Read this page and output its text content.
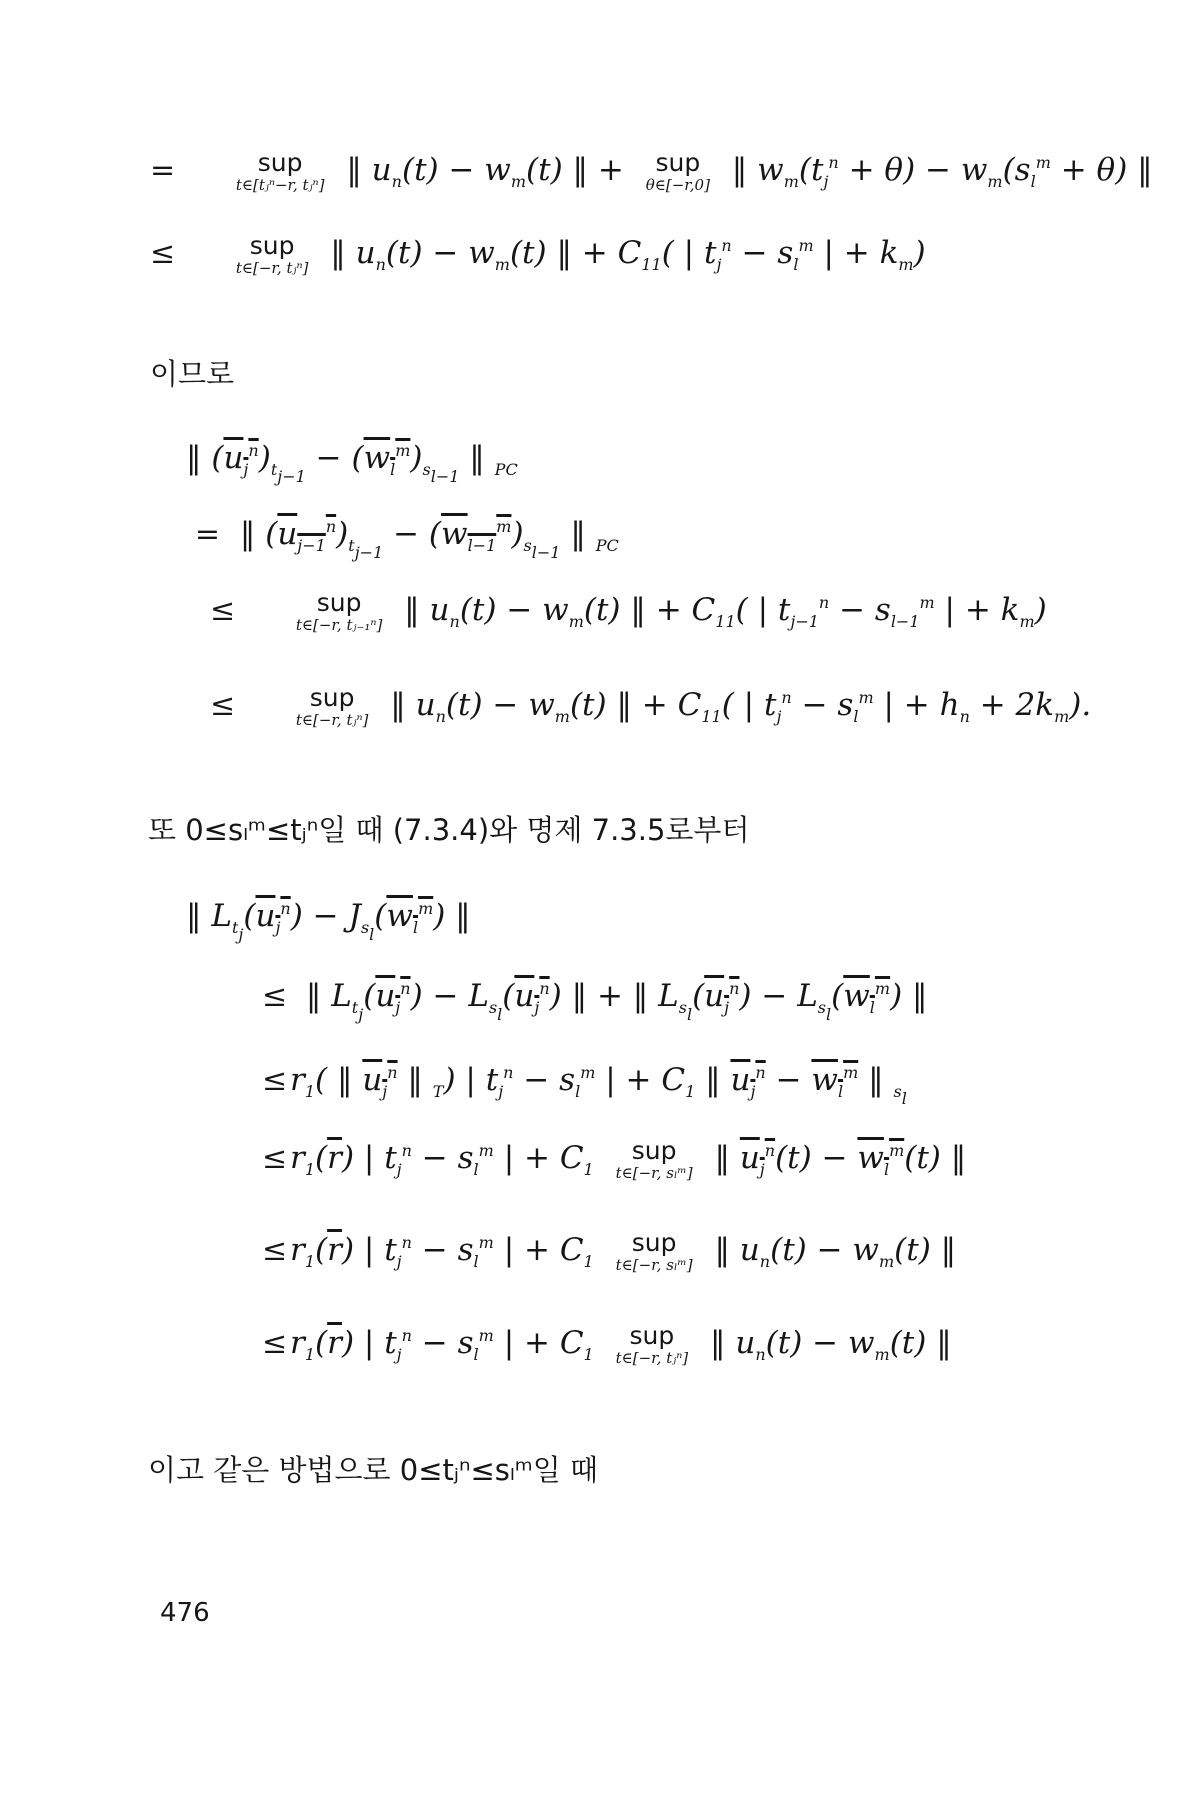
=	sup
t∈[tⱼⁿ−r, tⱼⁿ] ‖ $u_n(t) - w_m(t)$ ‖ + sup
θ∈[−r,0] ‖ $w_m(t_j^n + \theta) - w_m(s_l^m + \theta)$ ‖
≤	sup
t∈[−r, tⱼⁿ] ‖ $u_n(t) - w_m(t)$ ‖ + $C_{11}$( | $t_j^n - s_l^m$ | + $k_m$)
이므로
‖ $(u_j^n)_{t_{j-1}} - (w_l^m)_{s_{l-1}}$ ‖ $_{PC}$
= ‖ $(u_{j-1}^n)_{t_{j-1}} - (w_{l-1}^m)_{s_{l-1}}$ ‖ $_{PC}$
≤	sup
t∈[−r, tⱼ₋₁ⁿ] ‖ $u_n(t) - w_m(t)$ ‖ + $C_{11}$( | $t_{j-1}^n - s_{l-1}^m$ | + $k_m$)
≤	sup
t∈[−r, tⱼⁿ] ‖ $u_n(t) - w_m(t)$ ‖ + $C_{11}$( | $t_j^n - s_l^m$ | + $h_n + 2k_m$).
또 0≤sₗᵐ≤tⱼⁿ일 때 (7.3.4)와 명제 7.3.5로부터
‖ $L_{t_j}(u_j^n) - J_{s_l}(w_l^m)$ ‖
≤ ‖ $L_{t_j}(u_j^n) - L_{s_l}(u_j^n)$ ‖ + ‖ $L_{s_l}(u_j^n) - L_{s_l}(w_l^m)$ ‖
$\le r_1$( ‖ $u_j^n$ ‖ $_T$) | $t_j^n - s_l^m$ | + $C_1$ ‖ $u_j^n - w_l^m$ ‖ $_{s_l}$
$\le r_1(\overline{r})$ | $t_j^n - s_l^m$ | + $C_1$
sup
t∈[−r, sₗᵐ] ‖ $u_j^n(t) - w_l^m(t)$ ‖
$\le r_1(\overline{r})$ | $t_j^n - s_l^m$ | + $C_1$
sup
t∈[−r, sₗᵐ] ‖ $u_n(t) - w_m(t)$ ‖
$\le r_1(\overline{r})$ | $t_j^n - s_l^m$ | + $C_1$
sup
t∈[−r, tⱼⁿ] ‖ $u_n(t) - w_m(t)$ ‖
이고 같은 방법으로 0≤tⱼⁿ≤sₗᵐ일 때
476
